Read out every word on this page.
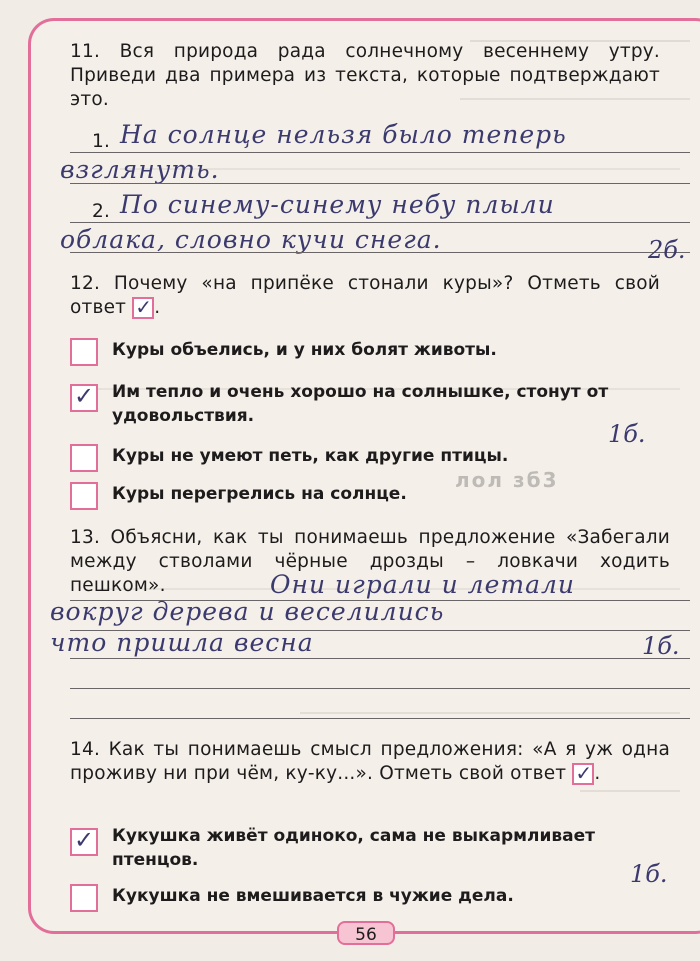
11. Вся природа рада солнечному весеннему утру. Приведи два примера из текста, которые подтверждают это.
1. На солнце нельзя было теперь
взглянуть.
2. По синему-синему небу плыли
облака, словно кучи снега.	2б.
12. Почему «на припёке стонали куры»? Отметь свой ответ ✓ .
Куры объелись, и у них болят животы.
✓ Им тепло и очень хорошо на солнышке, стонут от удовольствия.
1б.
Куры не умеют петь, как другие птицы.
Куры перегрелись на солнце.
13. Объясни, как ты понимаешь предложение «Забегали между стволами чёрные дрозды – ловкачи ходить пешком».	Они играли и летали
вокруг дерева и веселились
что пришла весна	1б.
14. Как ты понимаешь смысл предложения: «А я уж одна проживу ни при чём, ку-ку...». Отметь свой ответ ✓ .
✓ Кукушка живёт одиноко, сама не выкармливает птенцов.	1б.
Кукушка не вмешивается в чужие дела.
лол зб3
56
